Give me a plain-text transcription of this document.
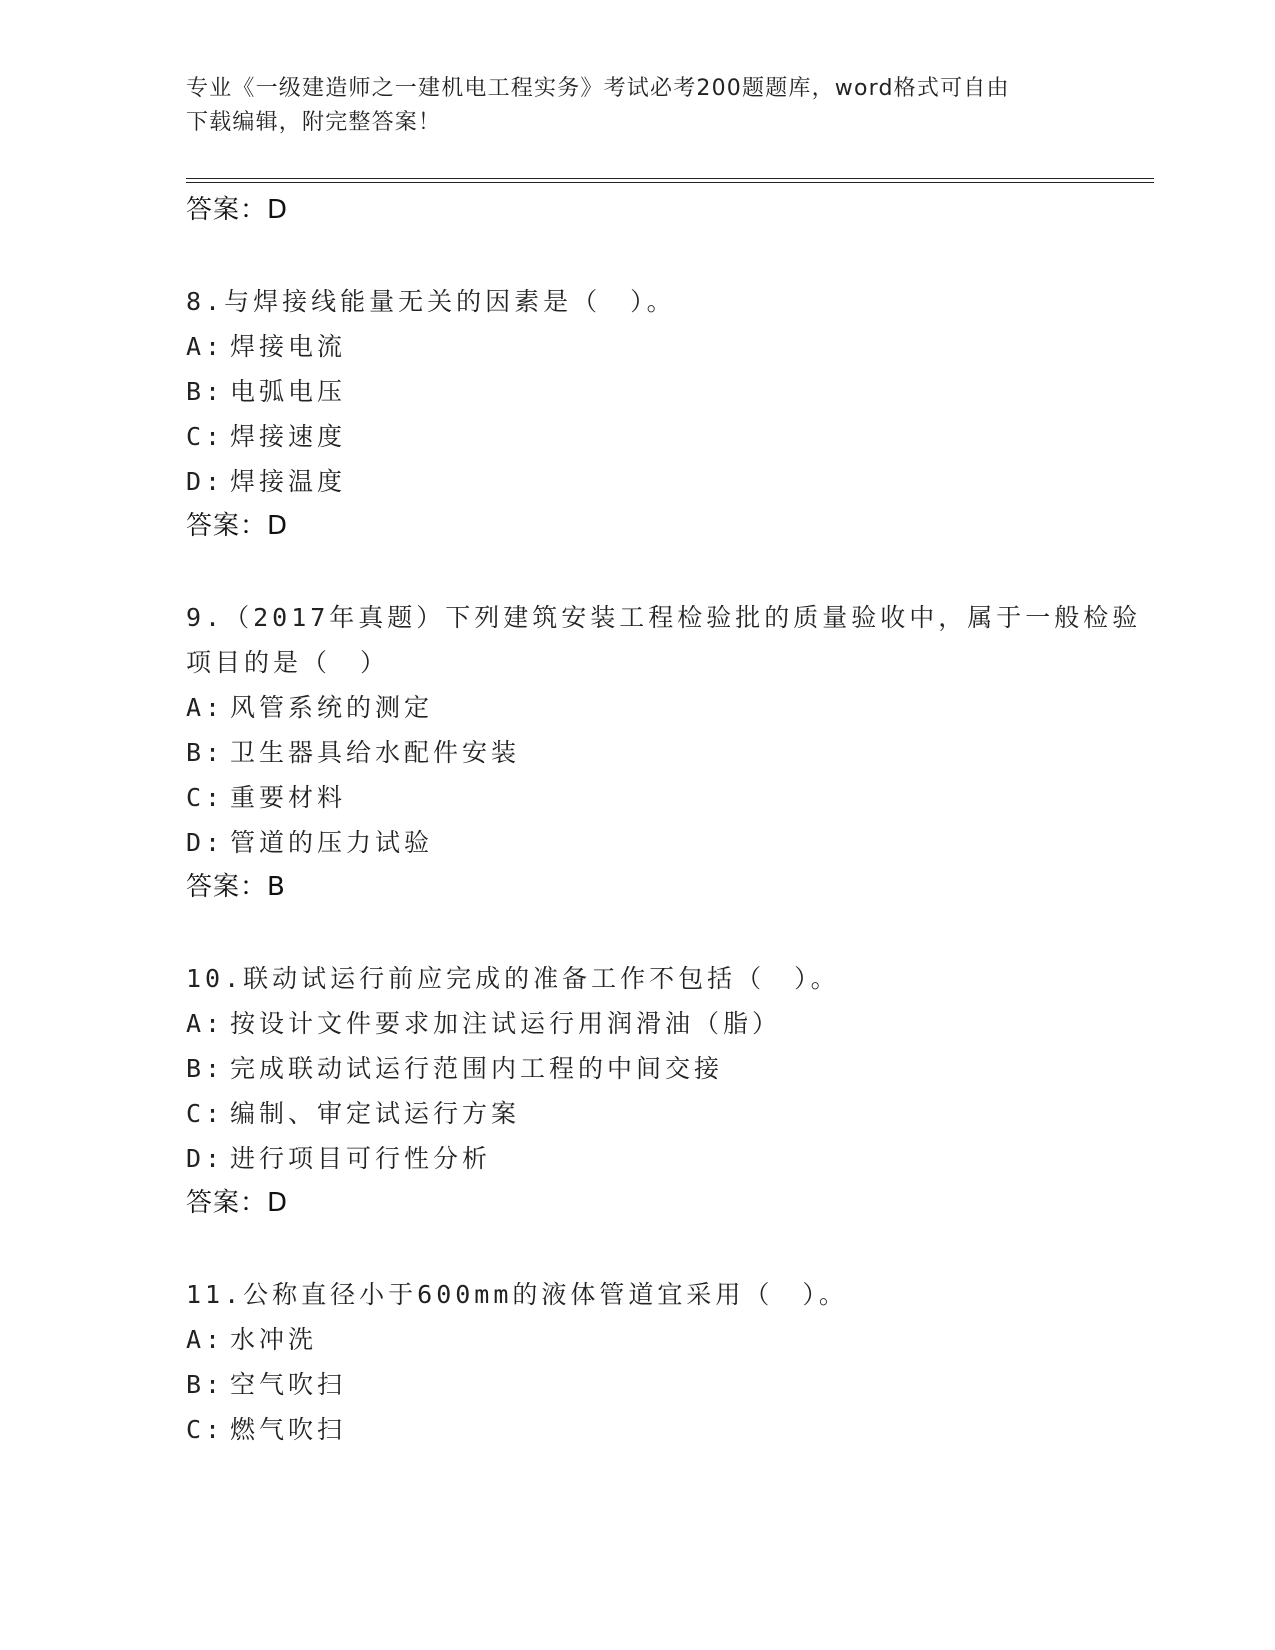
专业《一级建造师之一建机电工程实务》考试必考200题题库，word格式可自由
下载编辑，附完整答案！
答案：D

8.与焊接线能量无关的因素是（　）。

A: 焊接电流
B: 电弧电压
C: 焊接速度
D: 焊接温度
答案：D

9.（2017年真题）下列建筑安装工程检验批的质量验收中，属于一般检验项目的是（　）

A: 风管系统的测定
B: 卫生器具给水配件安装
C: 重要材料
D: 管道的压力试验
答案：B

10.联动试运行前应完成的准备工作不包括（　）。

A: 按设计文件要求加注试运行用润滑油（脂）
B: 完成联动试运行范围内工程的中间交接
C: 编制、审定试运行方案
D: 进行项目可行性分析
答案：D

11.公称直径小于600mm的液体管道宜采用（　）。

A: 水冲洗
B: 空气吹扫
C: 燃气吹扫
